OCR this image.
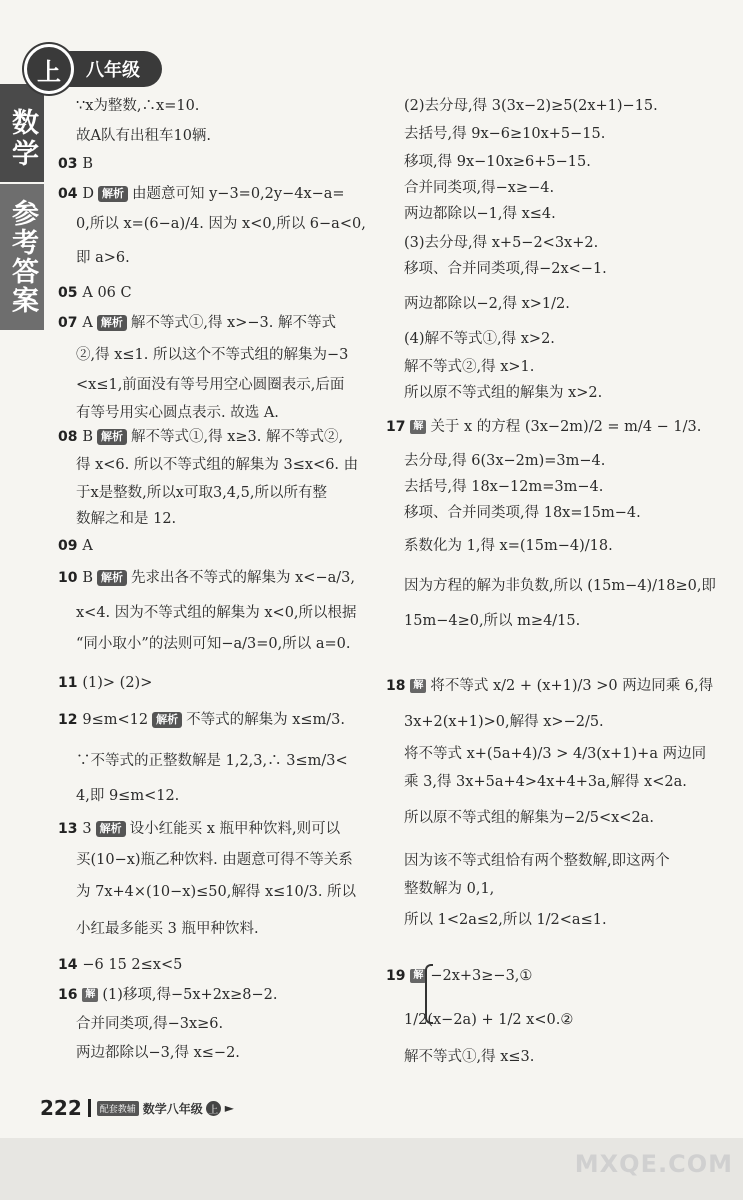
上	八年级
数学
参考答案
∵x为整数,∴x=10.
故A队有出租车10辆.
03 B
04 D 解析 由题意可知 y−3=0,2y−4x−a=
0,所以 x=(6−a)/4. 因为 x<0,所以 6−a<0,
即 a>6.
05 A 06 C
07 A 解析 解不等式①,得 x>−3. 解不等式
②,得 x≤1. 所以这个不等式组的解集为−3
<x≤1,前面没有等号用空心圆圈表示,后面
有等号用实心圆点表示. 故选 A.
08 B 解析 解不等式①,得 x≥3. 解不等式②,
得 x<6. 所以不等式组的解集为 3≤x<6. 由
于x是整数,所以x可取3,4,5,所以所有整
数解之和是 12.
09 A
10 B 解析 先求出各不等式的解集为 x<−a/3,
x<4. 因为不等式组的解集为 x<0,所以根据
“同小取小”的法则可知−a/3=0,所以 a=0.
11 (1)> (2)>
12 9≤m<12 解析 不等式的解集为 x≤m/3.
∵不等式的正整数解是 1,2,3,∴ 3≤m/3<
4,即 9≤m<12.
13 3 解析 设小红能买 x 瓶甲种饮料,则可以
买(10−x)瓶乙种饮料. 由题意可得不等关系
为 7x+4×(10−x)≤50,解得 x≤10/3. 所以
小红最多能买 3 瓶甲种饮料.
14 −6 15 2≤x<5
16 解 (1)移项,得−5x+2x≥8−2.
合并同类项,得−3x≥6.
两边都除以−3,得 x≤−2.
(2)去分母,得 3(3x−2)≥5(2x+1)−15.
去括号,得 9x−6≥10x+5−15.
移项,得 9x−10x≥6+5−15.
合并同类项,得−x≥−4.
两边都除以−1,得 x≤4.
(3)去分母,得 x+5−2<3x+2.
移项、合并同类项,得−2x<−1.
两边都除以−2,得 x>1/2.
(4)解不等式①,得 x>2.
解不等式②,得 x>1.
所以原不等式组的解集为 x>2.
17 解 关于 x 的方程 (3x−2m)/2 = m/4 − 1/3.
去分母,得 6(3x−2m)=3m−4.
去括号,得 18x−12m=3m−4.
移项、合并同类项,得 18x=15m−4.
系数化为 1,得 x=(15m−4)/18.
因为方程的解为非负数,所以 (15m−4)/18≥0,即
15m−4≥0,所以 m≥4/15.
18 解 将不等式 x/2 + (x+1)/3 >0 两边同乘 6,得
3x+2(x+1)>0,解得 x>−2/5.
将不等式 x+(5a+4)/3 > 4/3(x+1)+a 两边同
乘 3,得 3x+5a+4>4x+4+3a,解得 x<2a.
所以原不等式组的解集为−2/5<x<2a.
因为该不等式组恰有两个整数解,即这两个
整数解为 0,1,
所以 1<2a≤2,所以 1/2<a≤1.
19 解 −2x+3≥−3,①
1/2(x−2a) + 1/2 x<0.②
解不等式①,得 x≤3.
222	配套教辅 数学八年级 上 ►
MXQE.COM
